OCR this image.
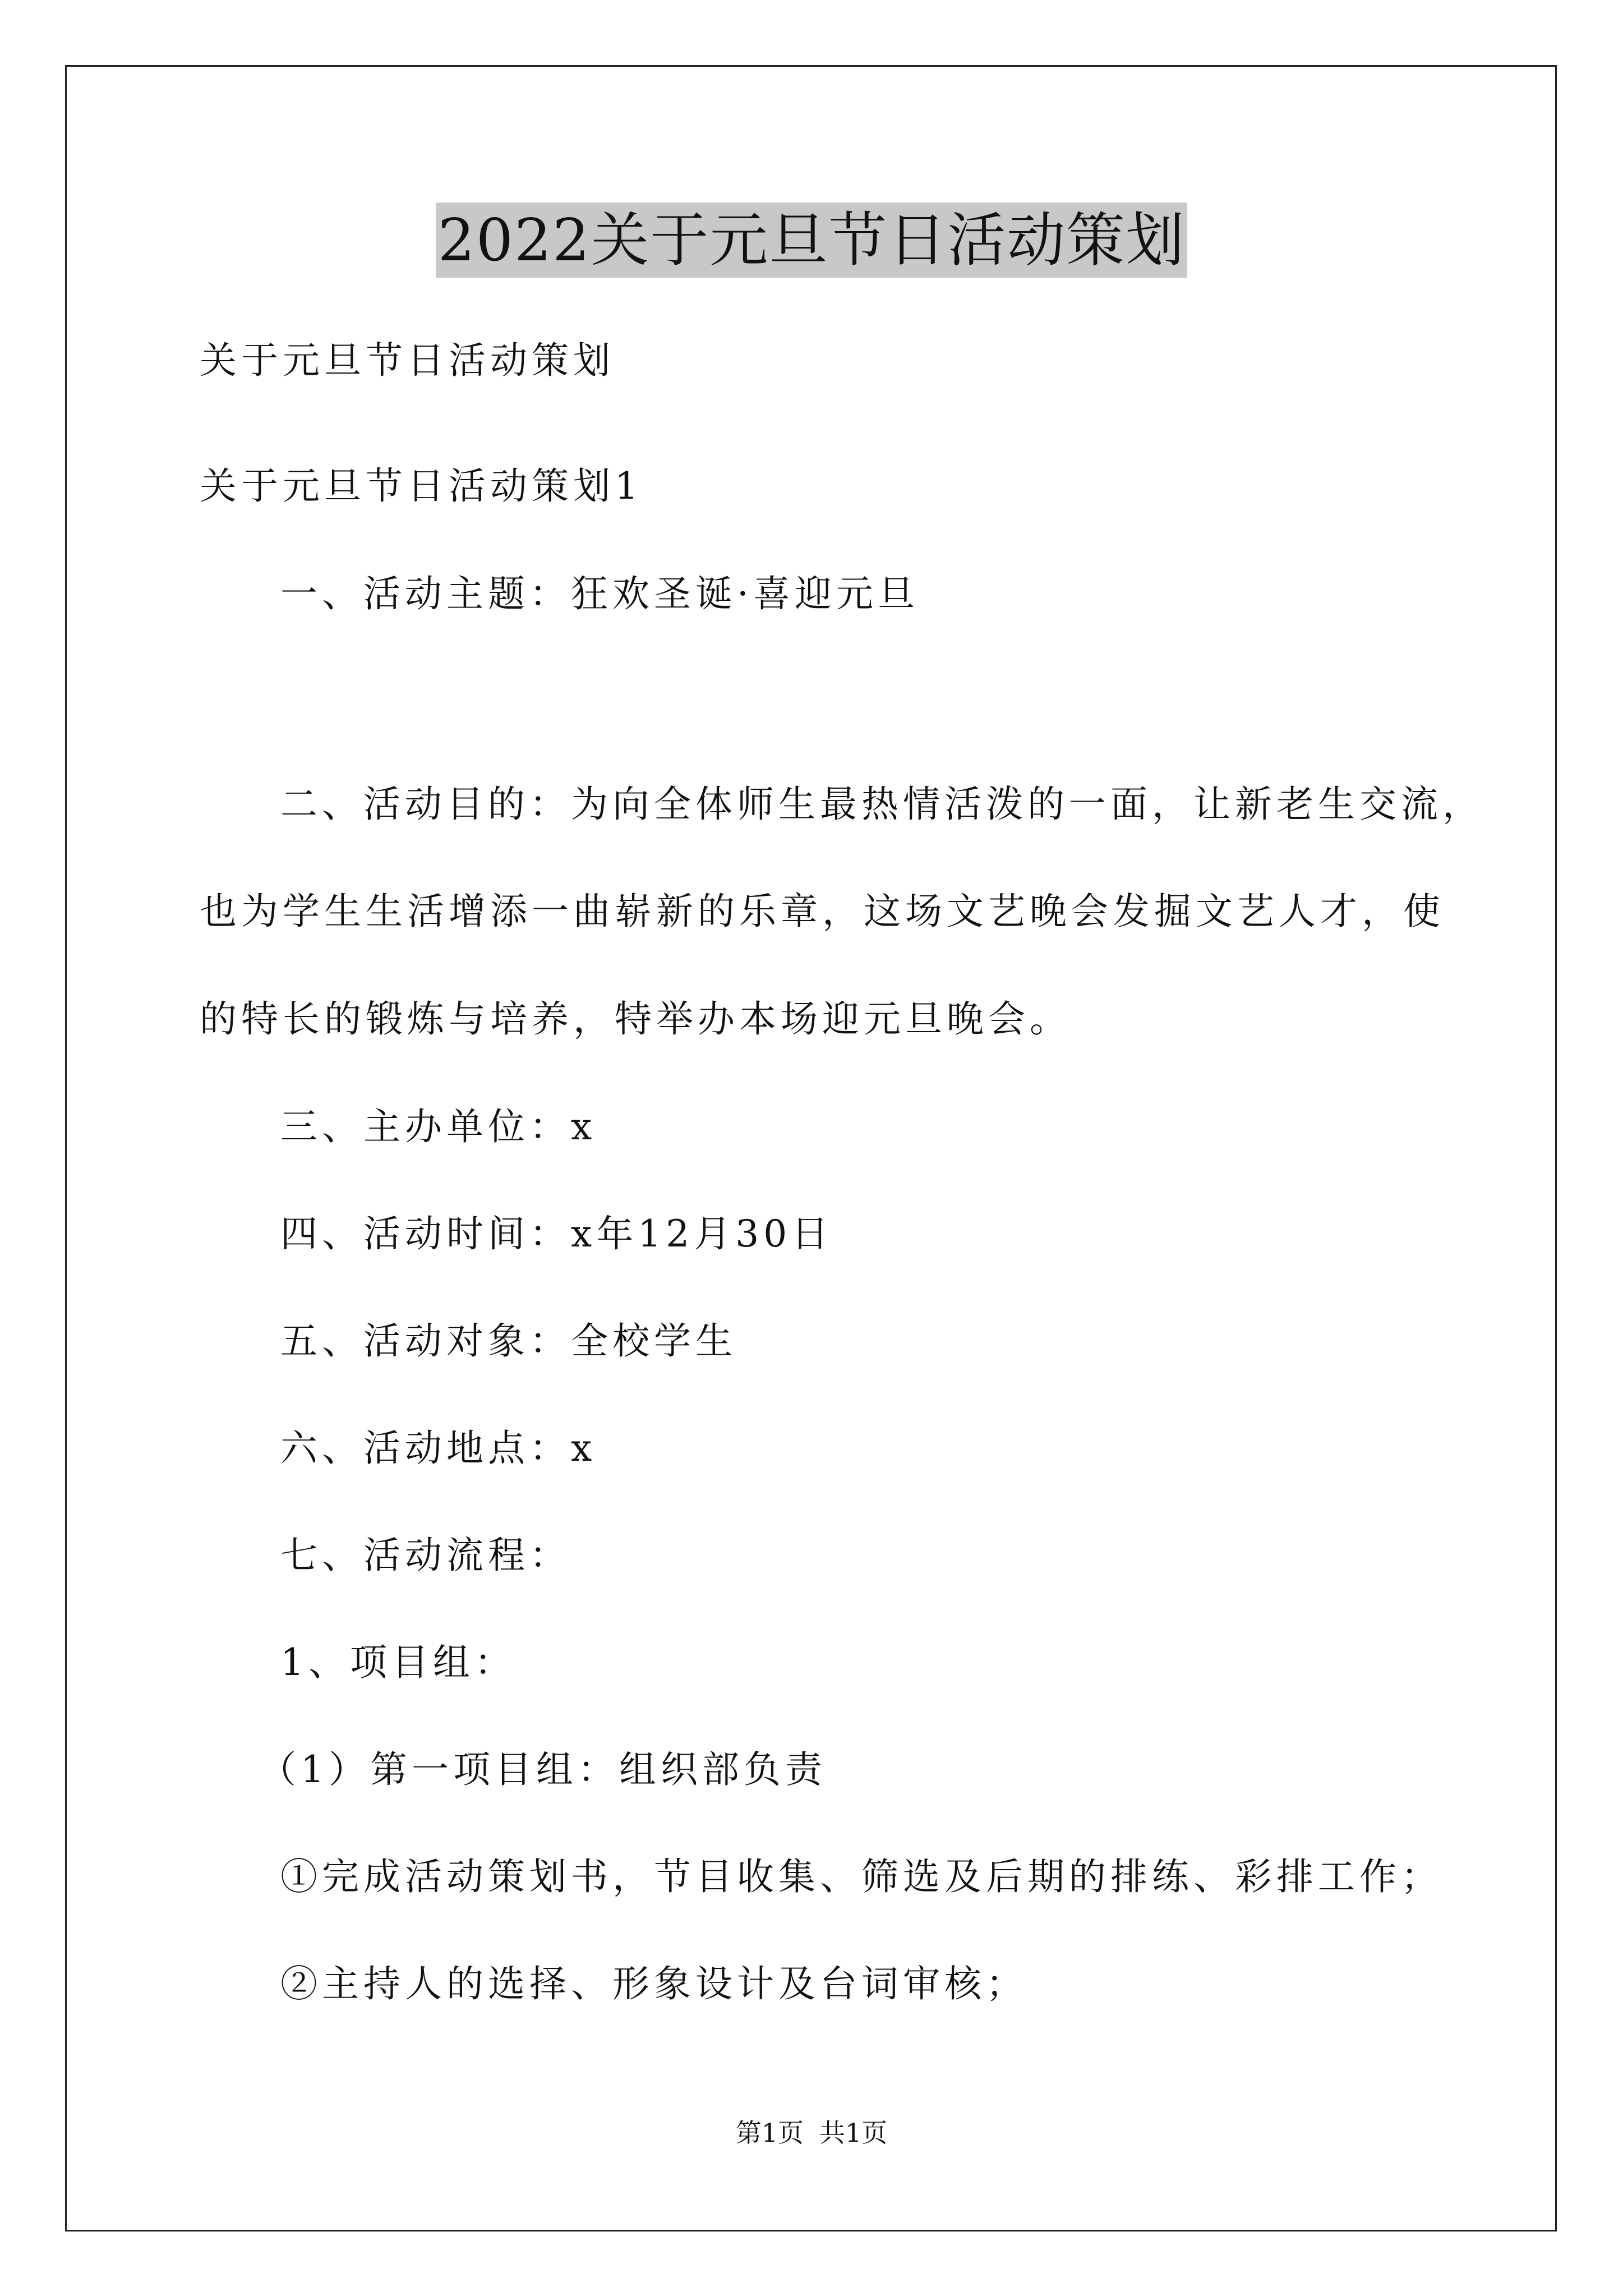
2022关于元旦节日活动策划
关于元旦节日活动策划
关于元旦节日活动策划1
一、活动主题：狂欢圣诞·喜迎元旦
二、活动目的：为向全体师生最热情活泼的一面，让新老生交流，
也为学生生活增添一曲崭新的乐章，这场文艺晚会发掘文艺人才，使
的特长的锻炼与培养，特举办本场迎元旦晚会。
三、主办单位：x
四、活动时间：x年12月30日
五、活动对象：全校学生
六、活动地点：x
七、活动流程：
1、项目组：
（1）第一项目组：组织部负责
①完成活动策划书，节目收集、筛选及后期的排练、彩排工作；
②主持人的选择、形象设计及台词审核；
第1页 共1页
